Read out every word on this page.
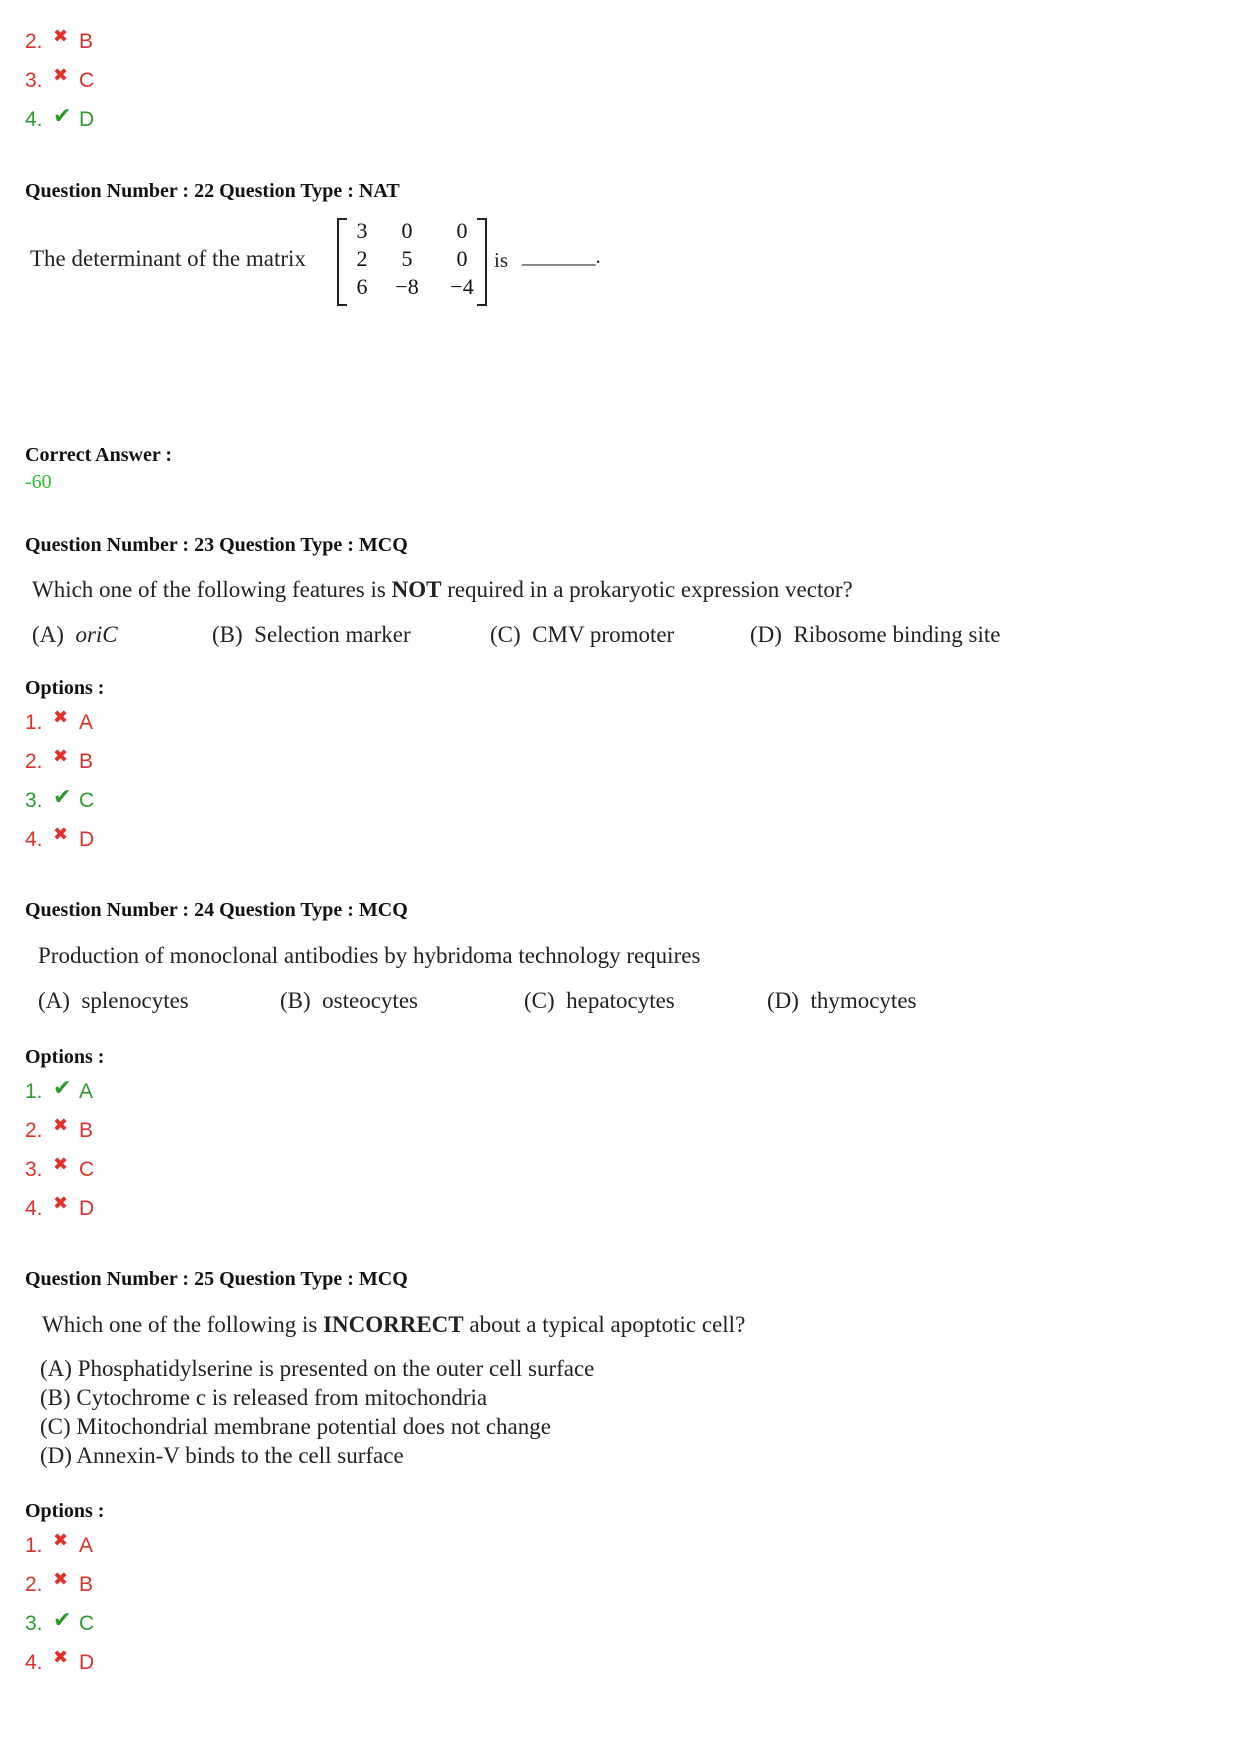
2. ✖ B
3. ✖ C
4. ✔ D
Question Number : 22 Question Type : NAT
The determinant of the matrix
3	0	0
2	5	0
6	−8	−4
is _______.
Correct Answer :
-60
Question Number : 23 Question Type : MCQ
Which one of the following features is NOT required in a prokaryotic expression vector?
(A) oriC	(B) Selection marker	(C) CMV promoter	(D) Ribosome binding site
Options :
1. ✖ A
2. ✖ B
3. ✔ C
4. ✖ D
Question Number : 24 Question Type : MCQ
Production of monoclonal antibodies by hybridoma technology requires
(A) splenocytes	(B) osteocytes	(C) hepatocytes	(D) thymocytes
Options :
1. ✔ A
2. ✖ B
3. ✖ C
4. ✖ D
Question Number : 25 Question Type : MCQ
Which one of the following is INCORRECT about a typical apoptotic cell?
(A) Phosphatidylserine is presented on the outer cell surface
(B) Cytochrome c is released from mitochondria
(C) Mitochondrial membrane potential does not change
(D) Annexin-V binds to the cell surface
Options :
1. ✖ A
2. ✖ B
3. ✔ C
4. ✖ D
